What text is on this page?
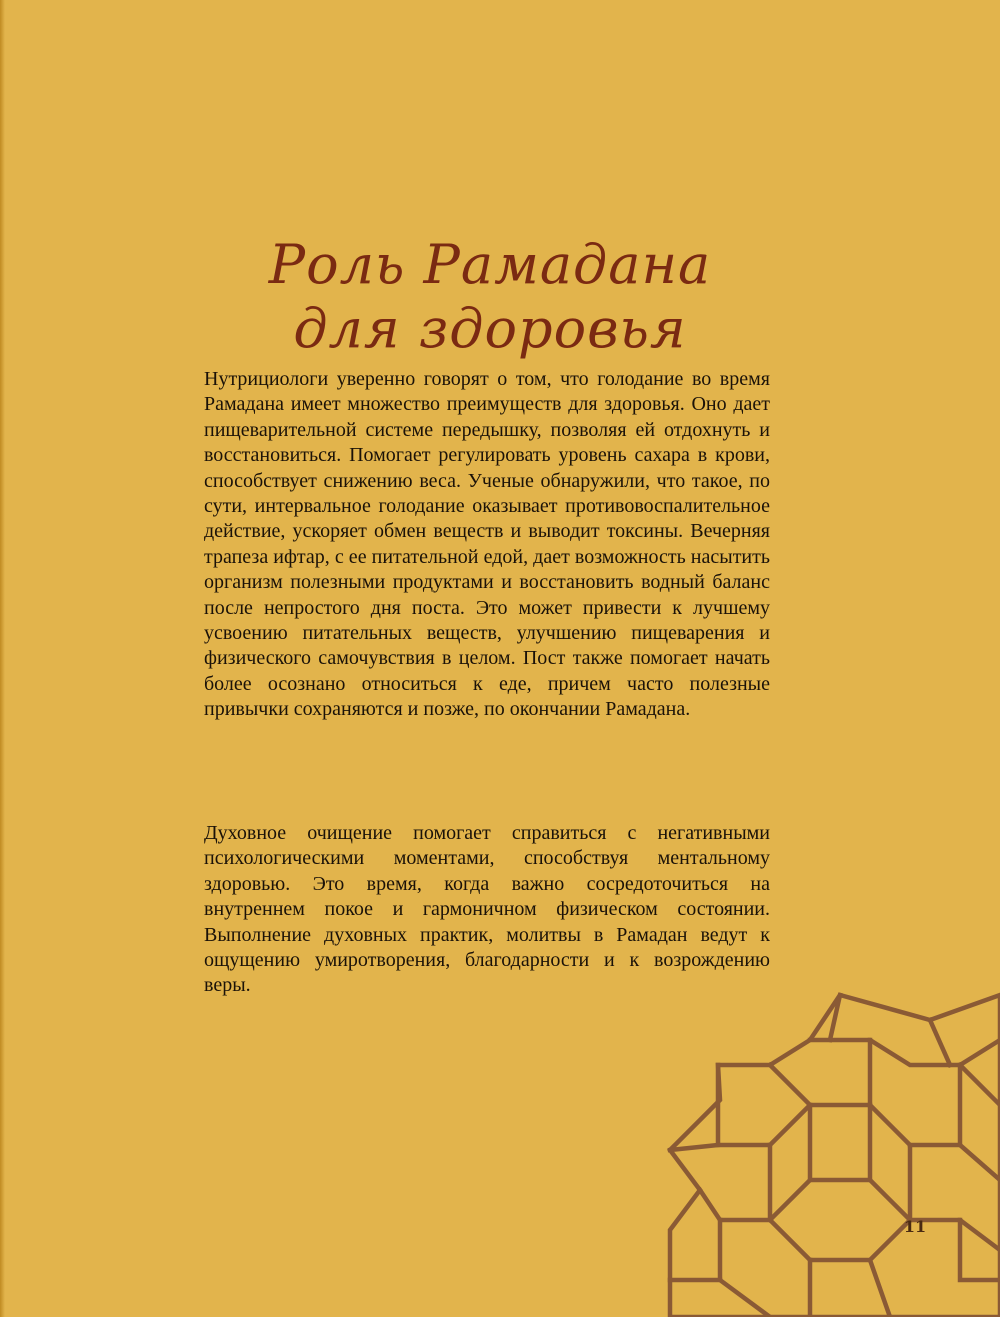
Роль Рамадана
для здоровья
Нутрициологи уверенно говорят о том, что голодание во время Рамадана имеет множество преимуществ для здоровья. Оно дает пищеварительной системе передышку, позволяя ей отдохнуть и восстановиться. Помогает регулировать уровень сахара в крови, способствует снижению веса. Ученые обнаружили, что такое, по сути, интервальное голодание оказывает противовоспалительное действие, ускоряет обмен веществ и выводит токсины. Вечерняя трапеза ифтар, с ее питательной едой, дает возможность насытить организм полезными продуктами и восстановить водный баланс после непростого дня поста. Это может привести к лучшему усвоению питательных веществ, улучшению пищеварения и физического самочувствия в целом. Пост также помогает начать более осознано относиться к еде, причем часто полезные привычки сохраняются и позже, по окончании Рамадана.
Духовное очищение помогает справиться с негативными психологическими моментами, способствуя ментальному здоровью. Это время, когда важно сосредоточиться на внутреннем покое и гармоничном физическом состоянии. Выполнение духовных практик, молитвы в Рамадан ведут к ощущению умиротворения, благодарности и к возрождению веры.
11
